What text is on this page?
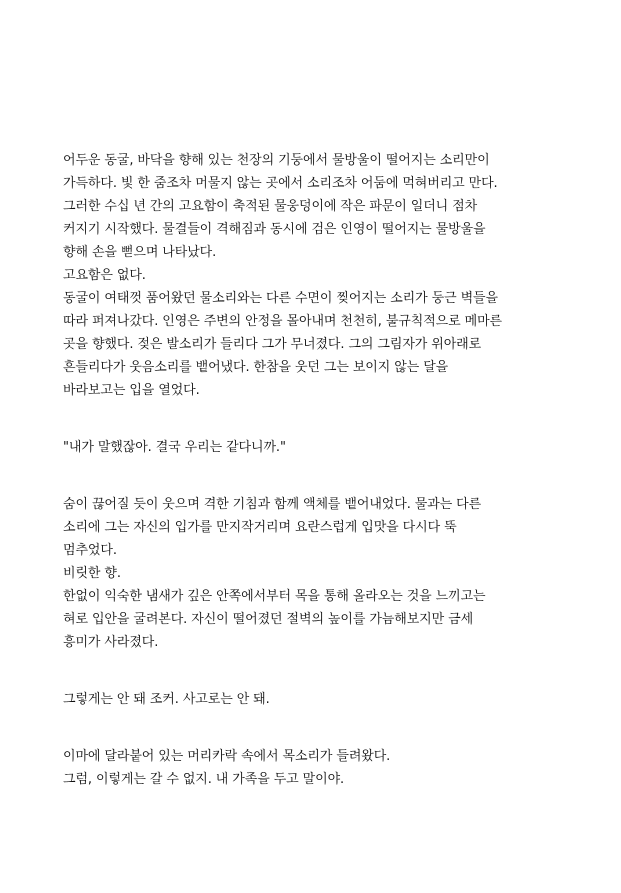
어두운 동굴, 바닥을 향해 있는 천장의 기둥에서 물방울이 떨어지는 소리만이
가득하다. 빛 한 줌조차 머물지 않는 곳에서 소리조차 어둠에 먹혀버리고 만다.
그러한 수십 년 간의 고요함이 축적된 물웅덩이에 작은 파문이 일더니 점차
커지기 시작했다. 물결들이 격해짐과 동시에 검은 인영이 떨어지는 물방울을
향해 손을 뻗으며 나타났다.
고요함은 없다.
동굴이 여태껏 품어왔던 물소리와는 다른 수면이 찢어지는 소리가 둥근 벽들을
따라 퍼져나갔다. 인영은 주변의 안정을 몰아내며 천천히, 불규칙적으로 메마른
곳을 향했다. 젖은 발소리가 들리다 그가 무너졌다. 그의 그림자가 위아래로
흔들리다가 웃음소리를 뱉어냈다. 한참을 웃던 그는 보이지 않는 달을
바라보고는 입을 열었다.
"내가 말했잖아. 결국 우리는 같다니까."
숨이 끊어질 듯이 웃으며 격한 기침과 함께 액체를 뱉어내었다. 물과는 다른
소리에 그는 자신의 입가를 만지작거리며 요란스럽게 입맛을 다시다 뚝
멈추었다.
비릿한 향.
한없이 익숙한 냄새가 깊은 안쪽에서부터 목을 통해 올라오는 것을 느끼고는
혀로 입안을 굴려본다. 자신이 떨어졌던 절벽의 높이를 가늠해보지만 금세
흥미가 사라졌다.
그렇게는 안 돼 조커. 사고로는 안 돼.
이마에 달라붙어 있는 머리카락 속에서 목소리가 들려왔다.
그럼, 이렇게는 갈 수 없지. 내 가족을 두고 말이야.
